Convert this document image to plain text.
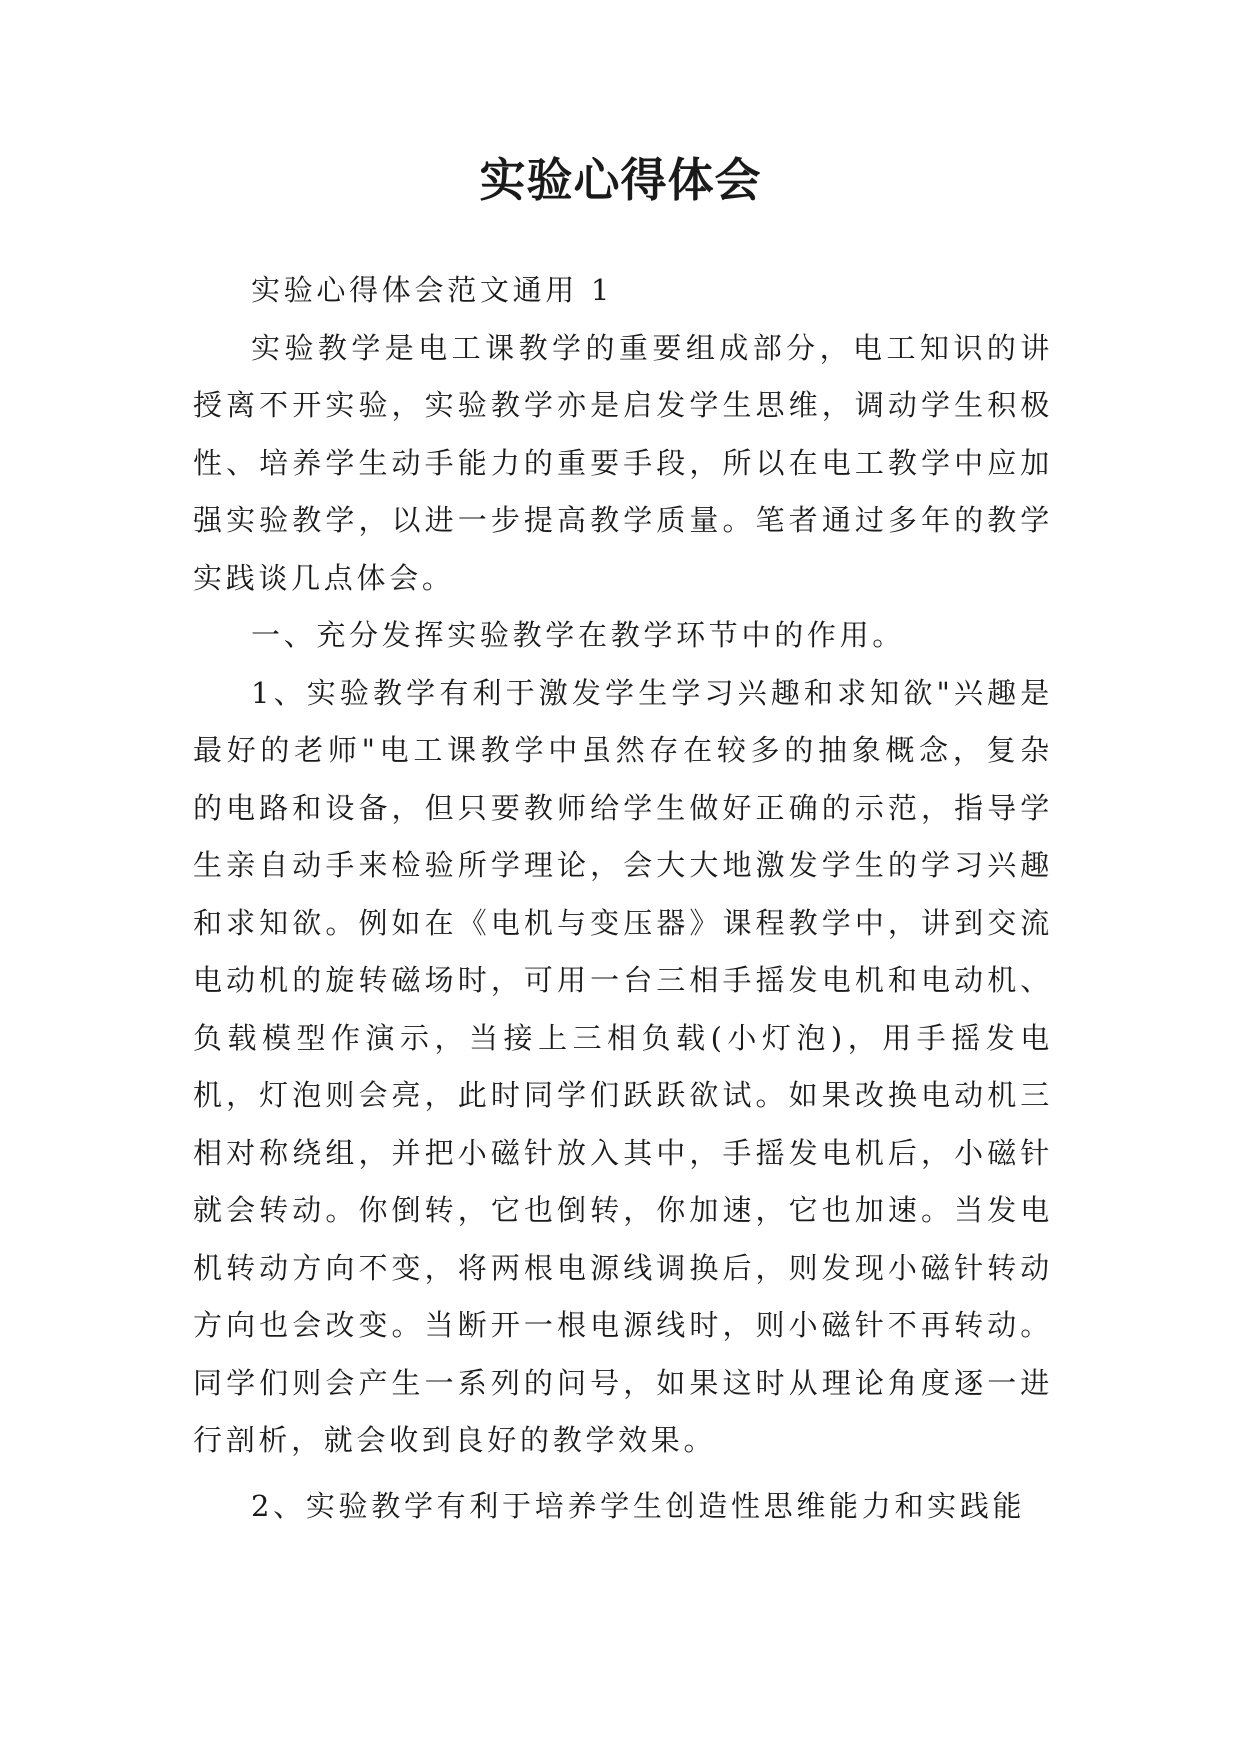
实验心得体会

实验心得体会范文通用 1

实验教学是电工课教学的重要组成部分，电工知识的讲授离不开实验，实验教学亦是启发学生思维，调动学生积极性、培养学生动手能力的重要手段，所以在电工教学中应加强实验教学，以进一步提高教学质量。笔者通过多年的教学实践谈几点体会。

一、充分发挥实验教学在教学环节中的作用。

1、实验教学有利于激发学生学习兴趣和求知欲"兴趣是最好的老师"电工课教学中虽然存在较多的抽象概念，复杂的电路和设备，但只要教师给学生做好正确的示范，指导学生亲自动手来检验所学理论，会大大地激发学生的学习兴趣和求知欲。例如在《电机与变压器》课程教学中，讲到交流电动机的旋转磁场时，可用一台三相手摇发电机和电动机、负载模型作演示，当接上三相负载(小灯泡)，用手摇发电机，灯泡则会亮，此时同学们跃跃欲试。如果改换电动机三相对称绕组，并把小磁针放入其中，手摇发电机后，小磁针就会转动。你倒转，它也倒转，你加速，它也加速。当发电机转动方向不变，将两根电源线调换后，则发现小磁针转动方向也会改变。当断开一根电源线时，则小磁针不再转动。同学们则会产生一系列的问号，如果这时从理论角度逐一进行剖析，就会收到良好的教学效果。

2、实验教学有利于培养学生创造性思维能力和实践能
